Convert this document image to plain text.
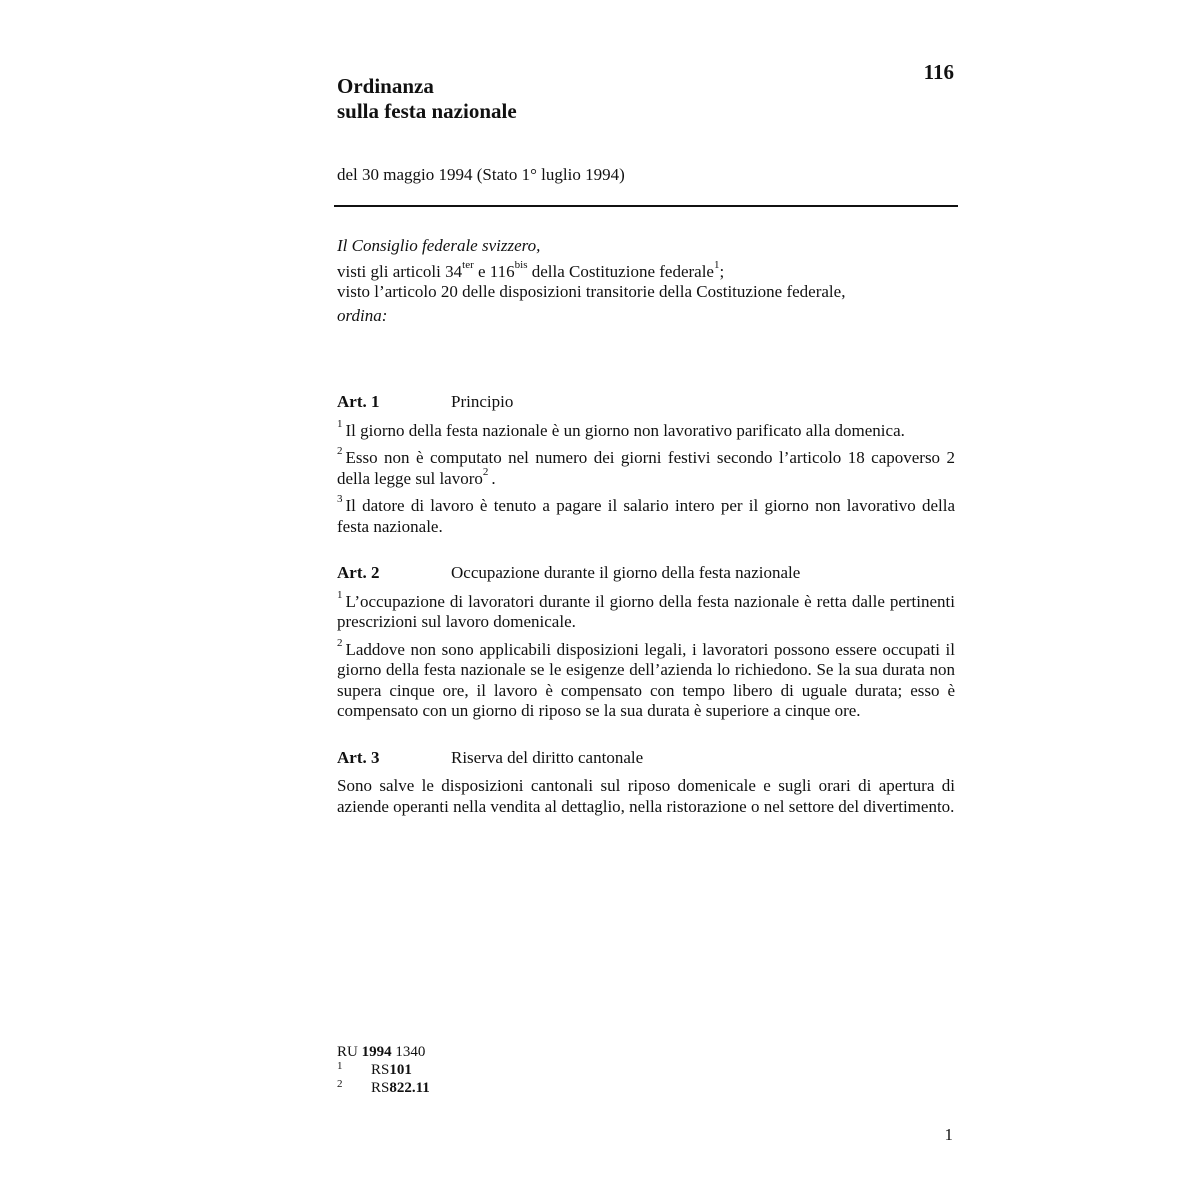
116
Ordinanza
sulla festa nazionale
del 30 maggio 1994 (Stato 1° luglio 1994)
Il Consiglio federale svizzero,
visti gli articoli $34^{ter}$ e $116^{bis}$ della Costituzione federale$^1$;
visto l’articolo 20 delle disposizioni transitorie della Costituzione federale,
ordina:
Art. 1	Principio

$^1$ Il giorno della festa nazionale è un giorno non lavorativo parificato alla domenica.

$^2$ Esso non è computato nel numero dei giorni festivi secondo l’articolo 18 capoverso 2 della legge sul lavoro$^2$ .

$^3$ Il datore di lavoro è tenuto a pagare il salario intero per il giorno non lavorativo della festa nazionale.

Art. 2	Occupazione durante il giorno della festa nazionale

$^1$ L’occupazione di lavoratori durante il giorno della festa nazionale è retta dalle pertinenti prescrizioni sul lavoro domenicale.

$^2$ Laddove non sono applicabili disposizioni legali, i lavoratori possono essere occupati il giorno della festa nazionale se le esigenze dell’azienda lo richiedono. Se la sua durata non supera cinque ore, il lavoro è compensato con tempo libero di uguale durata; esso è compensato con un giorno di riposo se la sua durata è superiore a cinque ore.

Art. 3	Riserva del diritto cantonale

Sono salve le disposizioni cantonali sul riposo domenicale e sugli orari di apertura di aziende operanti nella vendita al dettaglio, nella ristorazione o nel settore del divertimento.

RU 1994 1340
1	RS 101
2	RS 822.11
1
